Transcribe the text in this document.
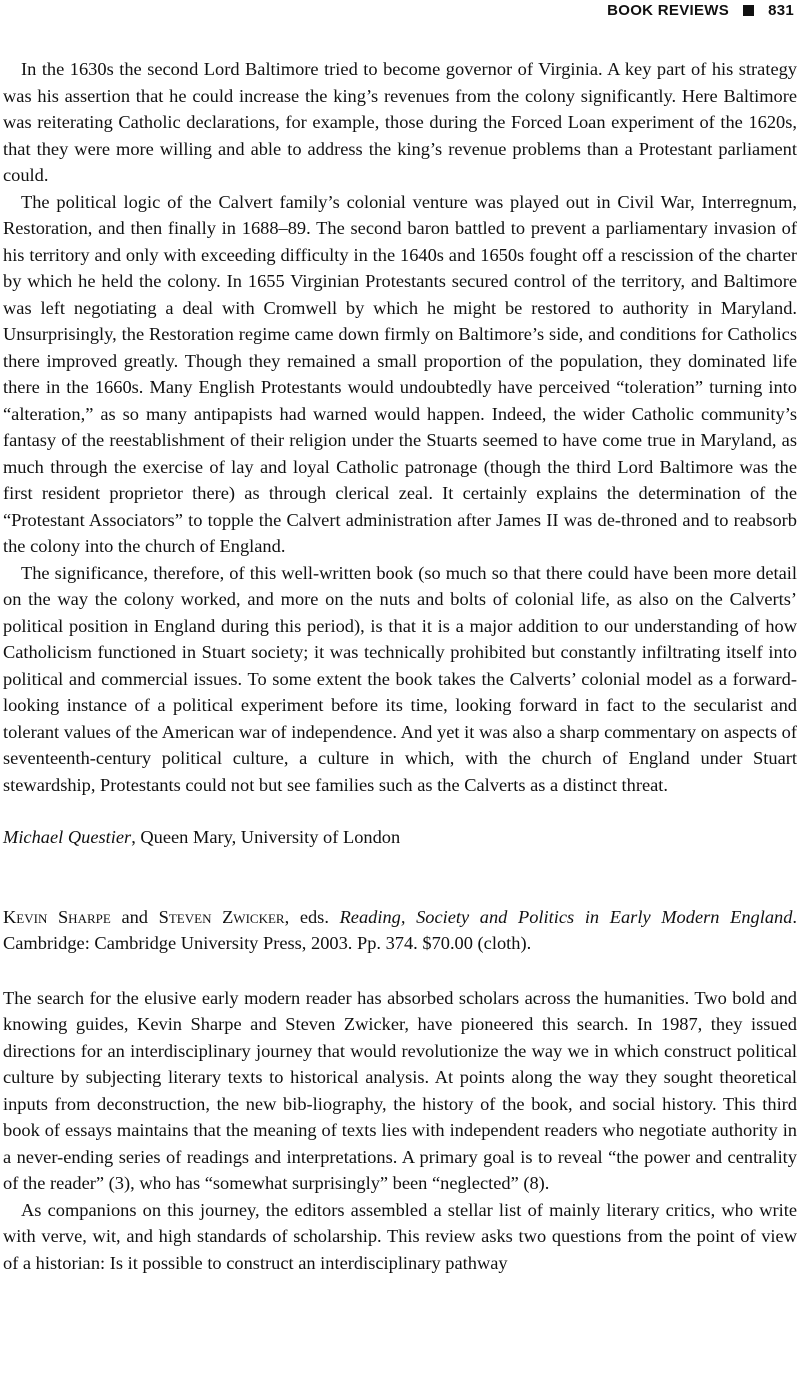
BOOK REVIEWS	831

In the 1630s the second Lord Baltimore tried to become governor of Virginia. A key part of his strategy was his assertion that he could increase the king’s revenues from the colony significantly. Here Baltimore was reiterating Catholic declarations, for example, those during the Forced Loan experiment of the 1620s, that they were more willing and able to address the king’s revenue problems than a Protestant parliament could.

The political logic of the Calvert family’s colonial venture was played out in Civil War, Interregnum, Restoration, and then finally in 1688–89. The second baron battled to prevent a parliamentary invasion of his territory and only with exceeding difficulty in the 1640s and 1650s fought off a rescission of the charter by which he held the colony. In 1655 Virginian Protestants secured control of the territory, and Baltimore was left negotiating a deal with Cromwell by which he might be restored to authority in Maryland. Unsurprisingly, the Restoration regime came down firmly on Baltimore’s side, and conditions for Catholics there improved greatly. Though they remained a small proportion of the population, they dominated life there in the 1660s. Many English Protestants would undoubtedly have perceived “toleration” turning into “alteration,” as so many antipapists had warned would happen. Indeed, the wider Catholic community’s fantasy of the reestablishment of their religion under the Stuarts seemed to have come true in Maryland, as much through the exercise of lay and loyal Catholic patronage (though the third Lord Baltimore was the first resident proprietor there) as through clerical zeal. It certainly explains the determination of the “Protestant Associators” to topple the Calvert administration after James II was de-throned and to reabsorb the colony into the church of England.

The significance, therefore, of this well-written book (so much so that there could have been more detail on the way the colony worked, and more on the nuts and bolts of colonial life, as also on the Calverts’ political position in England during this period), is that it is a major addition to our understanding of how Catholicism functioned in Stuart society; it was technically prohibited but constantly infiltrating itself into political and commercial issues. To some extent the book takes the Calverts’ colonial model as a forward-looking instance of a political experiment before its time, looking forward in fact to the secularist and tolerant values of the American war of independence. And yet it was also a sharp commentary on aspects of seventeenth-century political culture, a culture in which, with the church of England under Stuart stewardship, Protestants could not but see families such as the Calverts as a distinct threat.

Michael Questier, Queen Mary, University of London

Kevin Sharpe and Steven Zwicker, eds. Reading, Society and Politics in Early Modern England. Cambridge: Cambridge University Press, 2003. Pp. 374. $70.00 (cloth).

The search for the elusive early modern reader has absorbed scholars across the humanities. Two bold and knowing guides, Kevin Sharpe and Steven Zwicker, have pioneered this search. In 1987, they issued directions for an interdisciplinary journey that would revolutionize the way we in which construct political culture by subjecting literary texts to historical analysis. At points along the way they sought theoretical inputs from deconstruction, the new bib-liography, the history of the book, and social history. This third book of essays maintains that the meaning of texts lies with independent readers who negotiate authority in a never-ending series of readings and interpretations. A primary goal is to reveal “the power and centrality of the reader” (3), who has “somewhat surprisingly” been “neglected” (8).

As companions on this journey, the editors assembled a stellar list of mainly literary critics, who write with verve, wit, and high standards of scholarship. This review asks two questions from the point of view of a historian: Is it possible to construct an interdisciplinary pathway
